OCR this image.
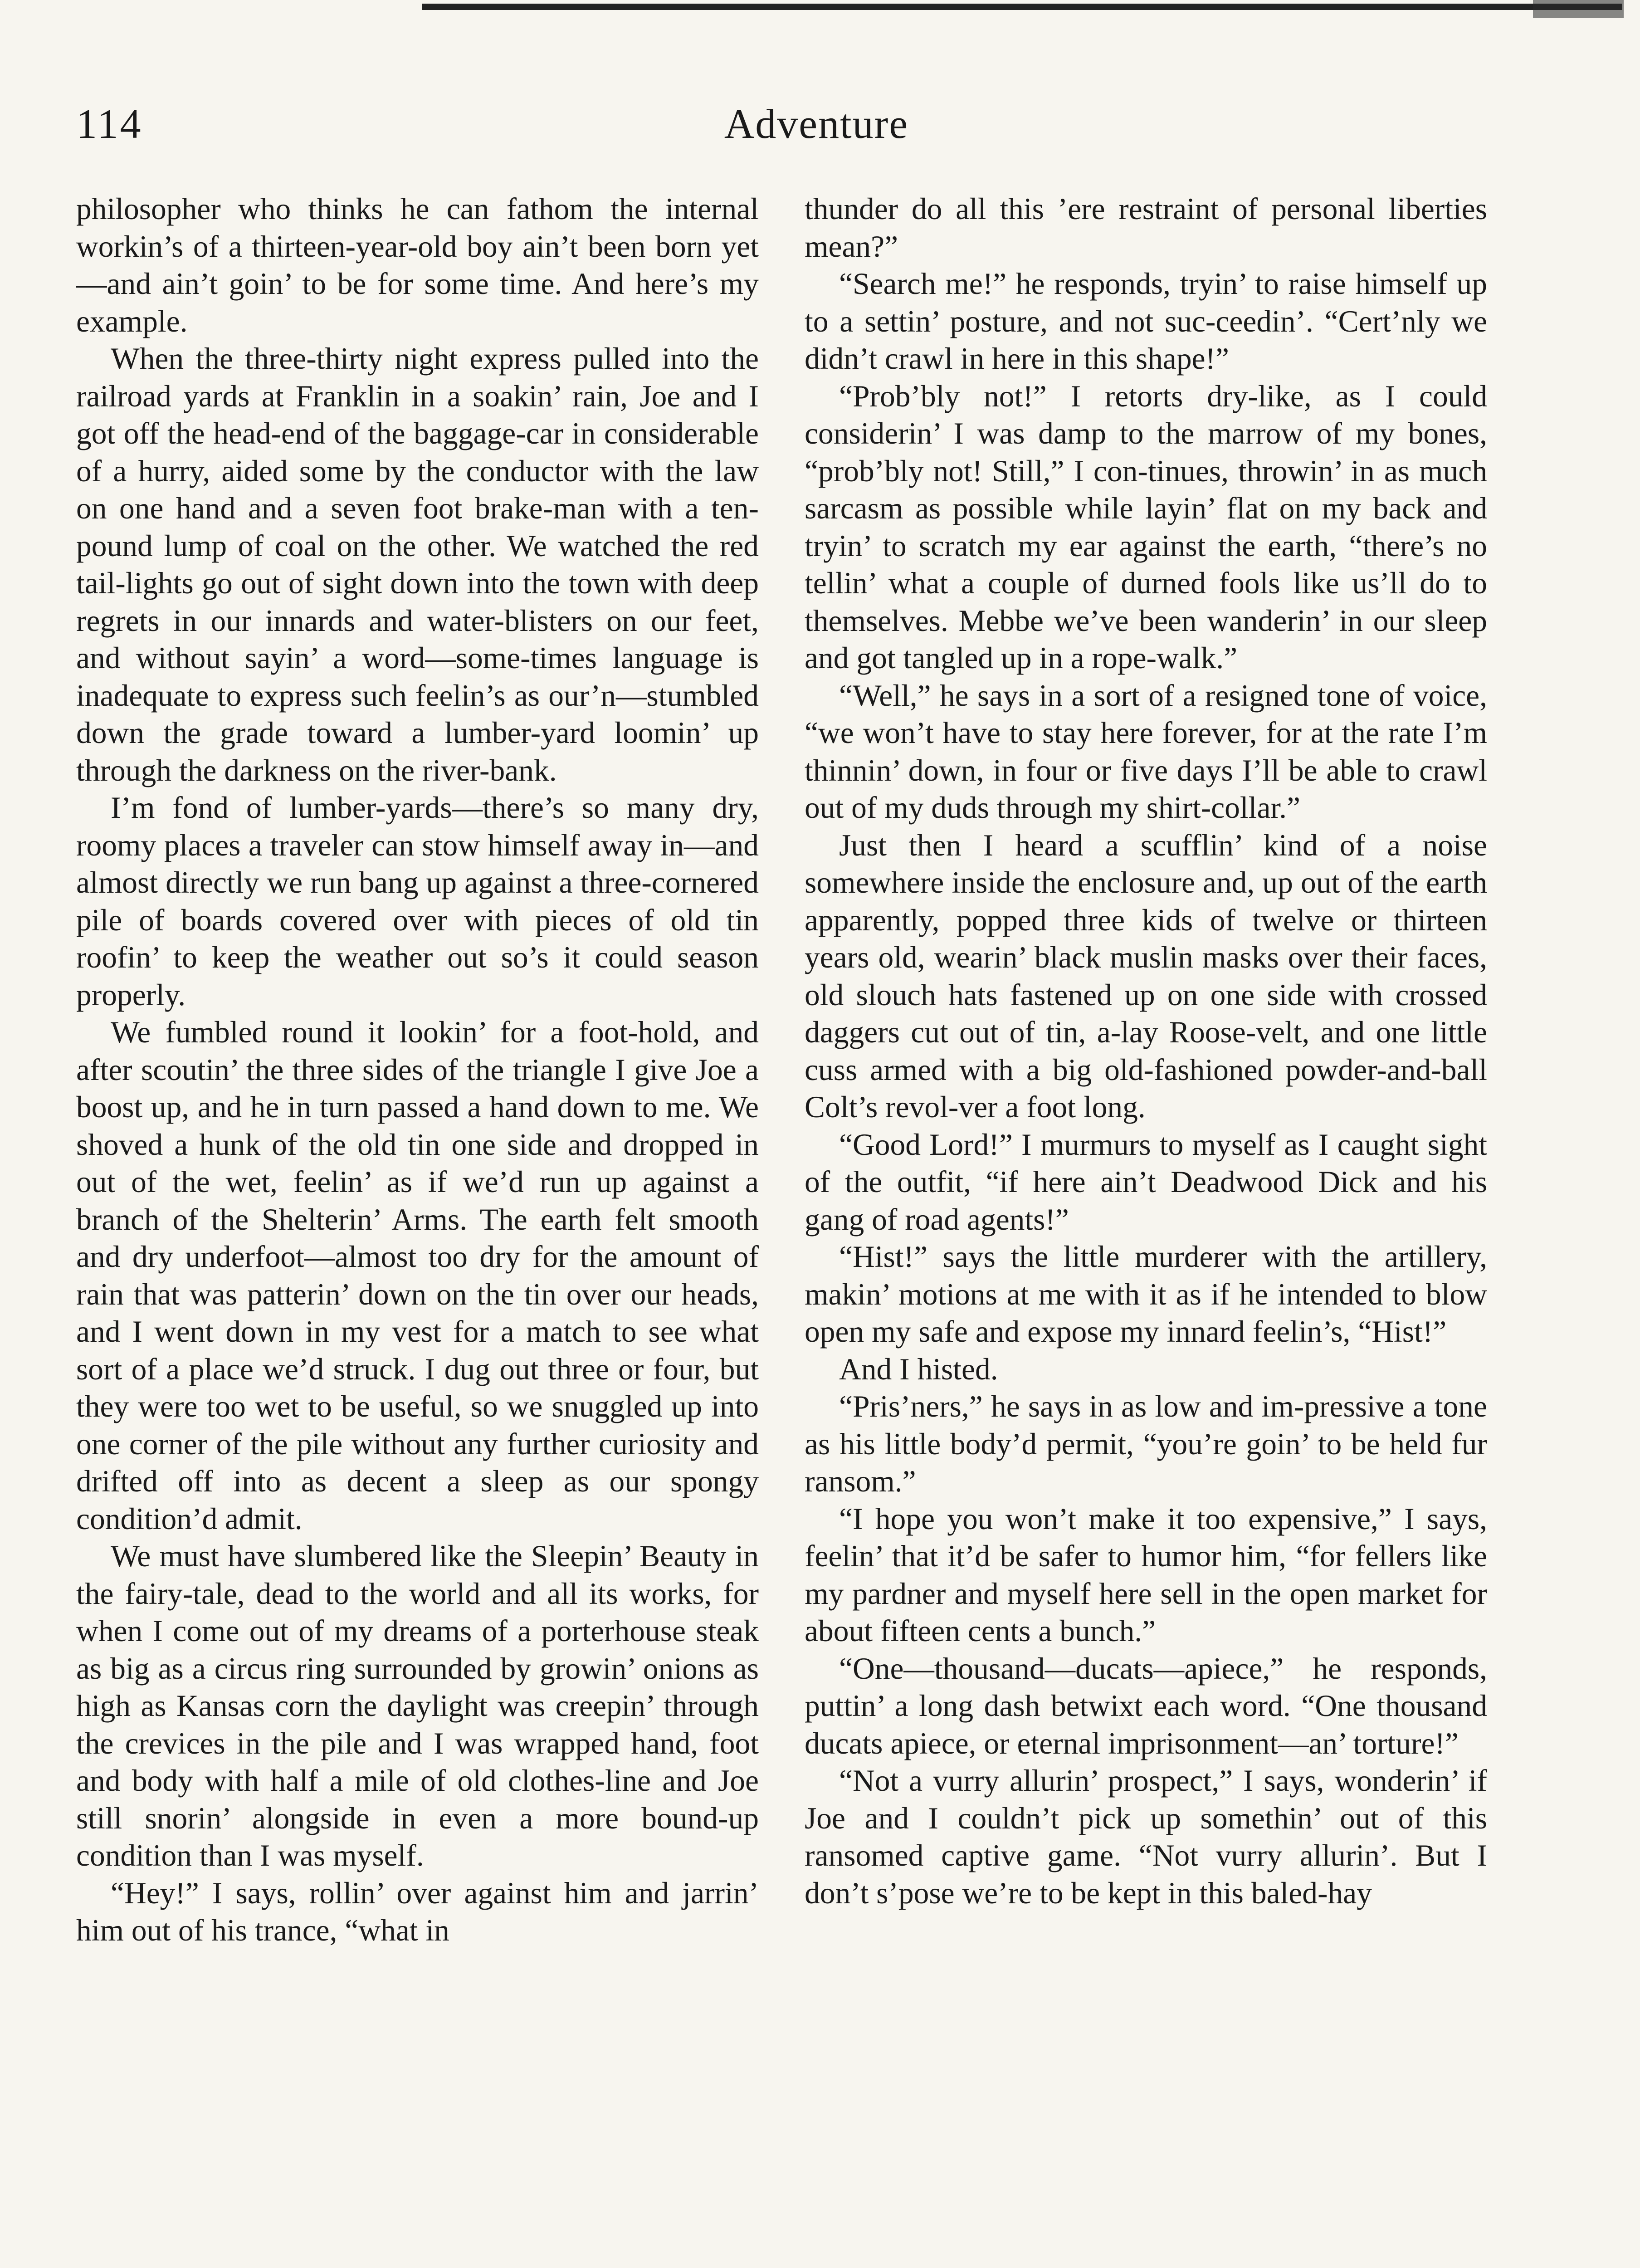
114	Adventure

philosopher who thinks he can fathom the internal workin’s of a thirteen-year-old boy ain’t been born yet—and ain’t goin’ to be for some time. And here’s my example.

When the three-thirty night express pulled into the railroad yards at Franklin in a soakin’ rain, Joe and I got off the head-end of the baggage-car in considerable of a hurry, aided some by the conductor with the law on one hand and a seven foot brake-man with a ten-pound lump of coal on the other. We watched the red tail-lights go out of sight down into the town with deep regrets in our innards and water-blisters on our feet, and without sayin’ a word—some-times language is inadequate to express such feelin’s as our’n—stumbled down the grade toward a lumber-yard loomin’ up through the darkness on the river-bank.

I’m fond of lumber-yards—there’s so many dry, roomy places a traveler can stow himself away in—and almost directly we run bang up against a three-cornered pile of boards covered over with pieces of old tin roofin’ to keep the weather out so’s it could season properly.

We fumbled round it lookin’ for a foot-hold, and after scoutin’ the three sides of the triangle I give Joe a boost up, and he in turn passed a hand down to me. We shoved a hunk of the old tin one side and dropped in out of the wet, feelin’ as if we’d run up against a branch of the Shelterin’ Arms. The earth felt smooth and dry underfoot—almost too dry for the amount of rain that was patterin’ down on the tin over our heads, and I went down in my vest for a match to see what sort of a place we’d struck. I dug out three or four, but they were too wet to be useful, so we snuggled up into one corner of the pile without any further curiosity and drifted off into as decent a sleep as our spongy condition’d admit.

We must have slumbered like the Sleepin’ Beauty in the fairy-tale, dead to the world and all its works, for when I come out of my dreams of a porterhouse steak as big as a circus ring surrounded by growin’ onions as high as Kansas corn the daylight was creepin’ through the crevices in the pile and I was wrapped hand, foot and body with half a mile of old clothes-line and Joe still snorin’ alongside in even a more bound-up condition than I was myself.

“Hey!” I says, rollin’ over against him and jarrin’ him out of his trance, “what in

thunder do all this ’ere restraint of personal liberties mean?”

“Search me!” he responds, tryin’ to raise himself up to a settin’ posture, and not suc-ceedin’. “Cert’nly we didn’t crawl in here in this shape!”

“Prob’bly not!” I retorts dry-like, as I could considerin’ I was damp to the marrow of my bones, “prob’bly not! Still,” I con-tinues, throwin’ in as much sarcasm as possible while layin’ flat on my back and tryin’ to scratch my ear against the earth, “there’s no tellin’ what a couple of durned fools like us’ll do to themselves. Mebbe we’ve been wanderin’ in our sleep and got tangled up in a rope-walk.”

“Well,” he says in a sort of a resigned tone of voice, “we won’t have to stay here forever, for at the rate I’m thinnin’ down, in four or five days I’ll be able to crawl out of my duds through my shirt-collar.”

Just then I heard a scufflin’ kind of a noise somewhere inside the enclosure and, up out of the earth apparently, popped three kids of twelve or thirteen years old, wearin’ black muslin masks over their faces, old slouch hats fastened up on one side with crossed daggers cut out of tin, a-lay Roose-velt, and one little cuss armed with a big old-fashioned powder-and-ball Colt’s revol-ver a foot long.

“Good Lord!” I murmurs to myself as I caught sight of the outfit, “if here ain’t Deadwood Dick and his gang of road agents!”

“Hist!” says the little murderer with the artillery, makin’ motions at me with it as if he intended to blow open my safe and expose my innard feelin’s, “Hist!”

And I histed.

“Pris’ners,” he says in as low and im-pressive a tone as his little body’d permit, “you’re goin’ to be held fur ransom.”

“I hope you won’t make it too expensive,” I says, feelin’ that it’d be safer to humor him, “for fellers like my pardner and myself here sell in the open market for about fifteen cents a bunch.”

“One—thousand—ducats—apiece,” he responds, puttin’ a long dash betwixt each word. “One thousand ducats apiece, or eternal imprisonment—an’ torture!”

“Not a vurry allurin’ prospect,” I says, wonderin’ if Joe and I couldn’t pick up somethin’ out of this ransomed captive game. “Not vurry allurin’. But I don’t s’pose we’re to be kept in this baled-hay
